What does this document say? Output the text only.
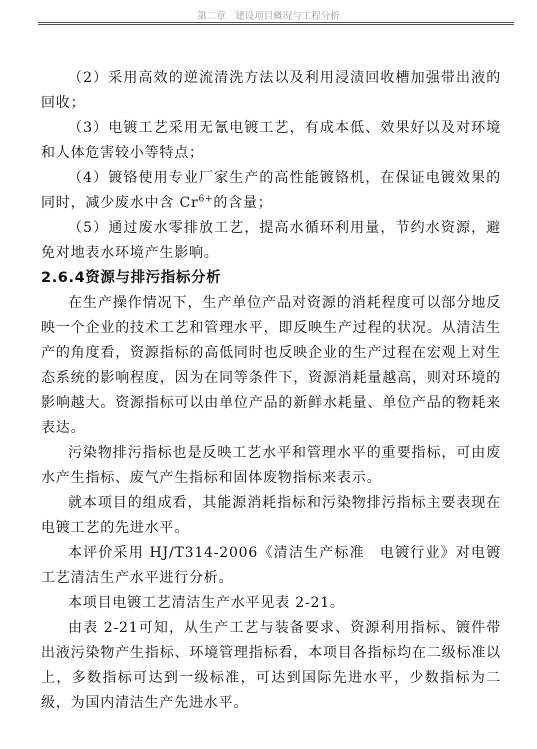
第二章　建设项目概况与工程分析

（2）采用高效的逆流清洗方法以及利用浸渍回收槽加强带出液的回收；

（3）电镀工艺采用无氰电镀工艺，有成本低、效果好以及对环境和人体危害较小等特点；

（4）镀铬使用专业厂家生产的高性能镀铬机，在保证电镀效果的同时，减少废水中含 $Cr^{6+}$的含量；

（5）通过废水零排放工艺，提高水循环利用量，节约水资源，避免对地表水环境产生影响。

2.6.4资源与排污指标分析

在生产操作情况下，生产单位产品对资源的消耗程度可以部分地反映一个企业的技术工艺和管理水平，即反映生产过程的状况。从清洁生产的角度看，资源指标的高低同时也反映企业的生产过程在宏观上对生态系统的影响程度，因为在同等条件下，资源消耗量越高，则对环境的影响越大。资源指标可以由单位产品的新鲜水耗量、单位产品的物耗来表达。

污染物排污指标也是反映工艺水平和管理水平的重要指标，可由废水产生指标、废气产生指标和固体废物指标来表示。

就本项目的组成看，其能源消耗指标和污染物排污指标主要表现在电镀工艺的先进水平。

本评价采用 HJ/T314-2006《清洁生产标准　电镀行业》对电镀工艺清洁生产水平进行分析。

本项目电镀工艺清洁生产水平见表 2-21。

由表 2-21可知，从生产工艺与装备要求、资源利用指标、镀件带出液污染物产生指标、环境管理指标看，本项目各指标均在二级标准以上，多数指标可达到一级标准，可达到国际先进水平，少数指标为二级，为国内清洁生产先进水平。
